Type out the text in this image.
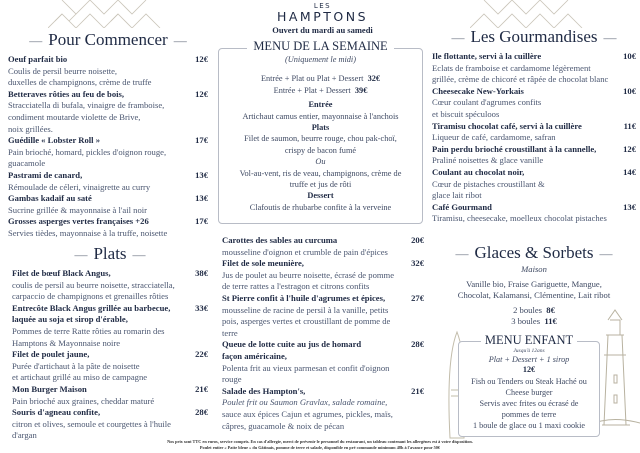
LES
HAMPTONS
Ouvert du mardi au samedi
— Pour Commencer —
Oeuf parfait bio	12€
Coulis de persil beurre noisette,
duxelles de champignons, crème de truffe
Betteraves rôties au feu de bois,	12€
Stracciatella di bufala, vinaigre de framboise,
condiment moutarde violette de Brive,
noix grillées.
Guédille « Lobster Roll »	17€
Pain brioché, homard, pickles d'oignon rouge,
guacamole
Pastrami de canard,	13€
Rémoulade de céleri, vinaigrette au curry
Gambas kadaïf au saté	13€
Sucrine grillée & mayonnaise à l'ail noir
Grosses asperges vertes françaises +26	17€
Servies tièdes, mayonnaise à la truffe, noisette
MENU DE LA SEMAINE
(Uniquement le midi)
Entrée + Plat ou Plat + Dessert 32€
Entrée + Plat + Dessert 39€
Entrée
Artichaut camus entier, mayonnaise à l'anchois
Plats
Filet de saumon, beurre rouge, chou pak-choï,
crispy de bacon fumé
Ou
Vol-au-vent, ris de veau, champignons, crème de
truffe et jus de rôti
Dessert
Clafoutis de rhubarbe confite à la verveine
— Les Gourmandises —
Ile flottante, servi à la cuillère	10€
Eclats de framboise et cardamome légèrement
grillée, crème de chicoré et râpée de chocolat blanc
Cheesecake New-Yorkais	10€
Cœur coulant d'agrumes confits
et biscuit spéculoos
Tiramisu chocolat café, servi à la cuillère	11€
Liqueur de café, cardamome, safran
Pain perdu brioché croustillant à la cannelle,	12€
Praliné noisettes & glace vanille
Coulant au chocolat noir,	14€
Cœur de pistaches croustillant &
glace lait ribot
Café Gourmand	13€
Tiramisu, cheesecake, moelleux chocolat pistaches
— Plats —
Filet de bœuf Black Angus,	38€
coulis de persil au beurre noisette, stracciatella,
carpaccio de champignons et grenailles rôties
Entrecôte Black Angus grillée au barbecue,	33€
laquée au soja et sirop d'érable,
Pommes de terre Ratte rôties au romarin des
Hamptons & Mayonnaise noire
Filet de poulet jaune,	22€
Purée d'artichaut à la pâte de noisette
et artichaut grillé au miso de campagne
Mon Burger Maison	21€
Pain brioché aux graines, cheddar maturé
Souris d'agneau confite,	28€
citron et olives, semoule et courgettes à l'huile
d'argan
Carottes des sables au curcuma	20€
mousseline d'oignon et crumble de pain d'épices
Filet de sole meunière,	32€
Jus de poulet au beurre noisette, écrasé de pomme
de terre rattes a l'estragon et citrons confits
St Pierre confit à l'huile d'agrumes et épices,	27€
mousseline de racine de persil à la vanille, petits
pois, asperges vertes et croustillant de pomme de
terre
Queue de lotte cuite au jus de homard	28€
façon américaine,
Polenta frit au vieux parmesan et confit d'oignon
rouge
Salade des Hampton's,	21€
Poulet frit ou Saumon Gravlax, salade romaine,
sauce aux épices Cajun et agrumes, pickles, maïs,
câpres, guacamole & noix de pécan
— Glaces & Sorbets —
Maison
Vanille bio, Fraise Gariguette, Mangue,
Chocolat, Kalamansi, Clémentine, Lait ribot
2 boules 8€
3 boules 11€
MENU ENFANT
Jusqu'à 12ans
Plat + Dessert + 1 sirop
12€
Fish ou Tenders ou Steak Haché ou
Cheese burger
Servis avec frites ou écrasé de
pommes de terre
1 boule de glace ou 1 maxi cookie
Nos prix sont TTC en euros, service compris. En cas d'allergie, merci de prévenir le personnel du restaurant, un tableau contenant les allergènes est à votre disposition.
Poulet entier « Patte bleue » du Gâtinais, pomme de terre et salade, disponible en pré commande minimum 48h à l'avance pour 50€
